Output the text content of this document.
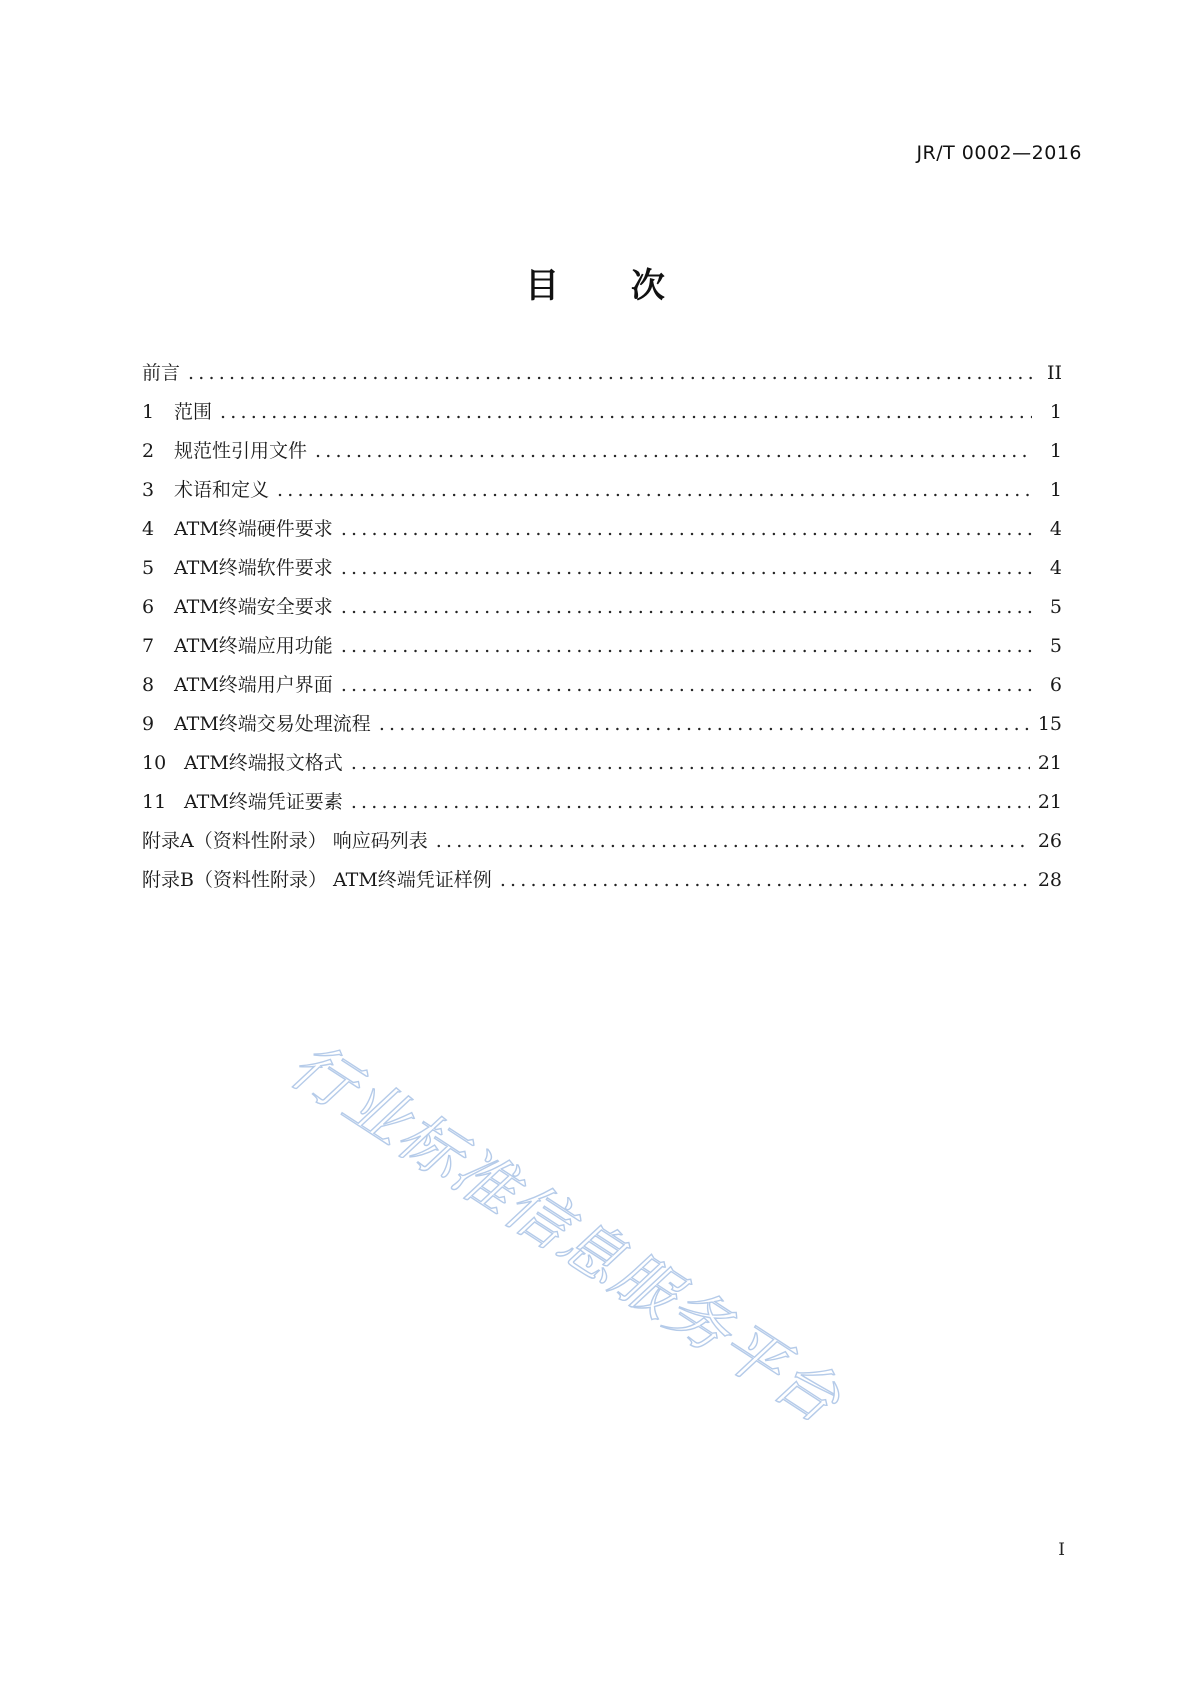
JR/T 0002—2016
目 次
前言 .....	II
1	范围 .....	1
2	规范性引用文件 .....	1
3	术语和定义 .....	1
4	ATM终端硬件要求 .....	4
5	ATM终端软件要求 .....	4
6	ATM终端安全要求 .....	5
7	ATM终端应用功能 .....	5
8	ATM终端用户界面 .....	6
9	ATM终端交易处理流程 .....	15
10 ATM终端报文格式 .....	21
11 ATM终端凭证要素 .....	21
附录A（资料性附录） 响应码列表 .....	26
附录B（资料性附录） ATM终端凭证样例 .....	28
行业标准信息服务平台
I
